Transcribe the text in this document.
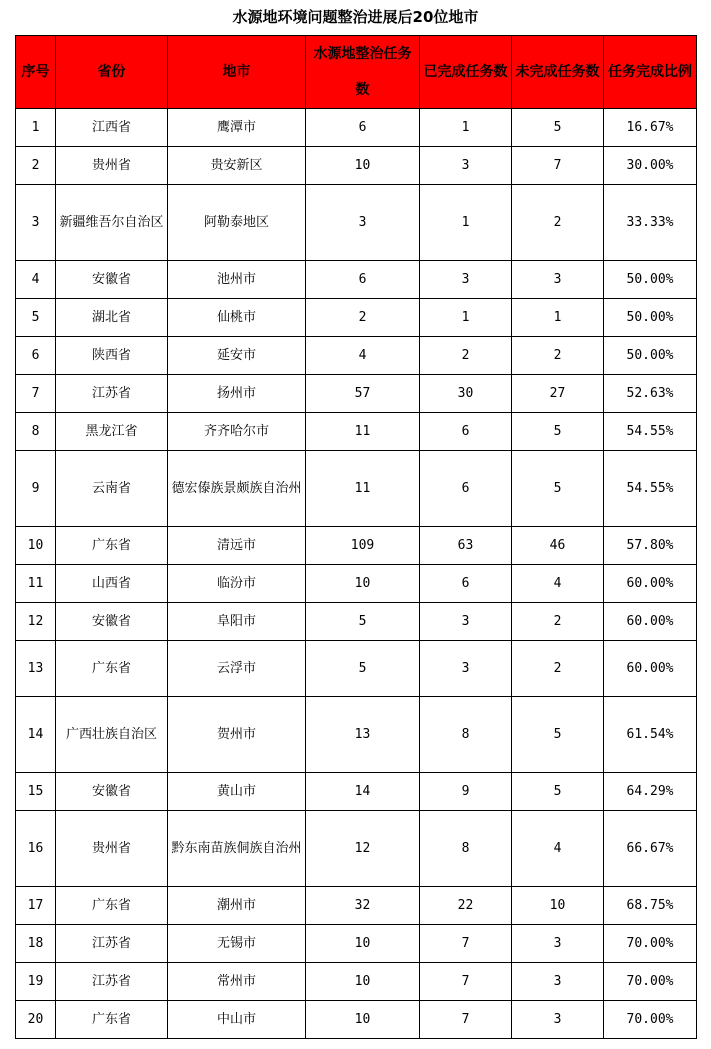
水源地环境问题整治进展后20位地市
序号	省份	地市	水源地整治任务数	已完成任务数	未完成任务数	任务完成比例
1	江西省	鹰潭市	6	1	5	16.67%
2	贵州省	贵安新区	10	3	7	30.00%
3	新疆维吾尔自治区	阿勒泰地区	3	1	2	33.33%
4	安徽省	池州市	6	3	3	50.00%
5	湖北省	仙桃市	2	1	1	50.00%
6	陕西省	延安市	4	2	2	50.00%
7	江苏省	扬州市	57	30	27	52.63%
8	黑龙江省	齐齐哈尔市	11	6	5	54.55%
9	云南省	德宏傣族景颇族自治州	11	6	5	54.55%
10	广东省	清远市	109	63	46	57.80%
11	山西省	临汾市	10	6	4	60.00%
12	安徽省	阜阳市	5	3	2	60.00%
13	广东省	云浮市	5	3	2	60.00%
14	广西壮族自治区	贺州市	13	8	5	61.54%
15	安徽省	黄山市	14	9	5	64.29%
16	贵州省	黔东南苗族侗族自治州	12	8	4	66.67%
17	广东省	潮州市	32	22	10	68.75%
18	江苏省	无锡市	10	7	3	70.00%
19	江苏省	常州市	10	7	3	70.00%
20	广东省	中山市	10	7	3	70.00%
